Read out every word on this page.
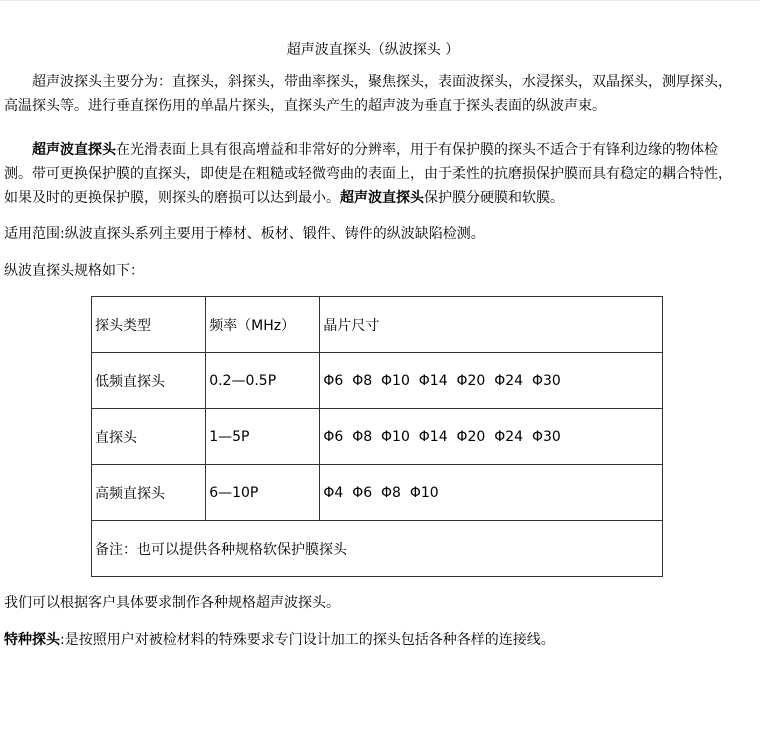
超声波直探头（纵波探头 ）

超声波探头主要分为：直探头，斜探头，带曲率探头，聚焦探头，表面波探头，水浸探头，双晶探头，测厚探头，高温探头等。进行垂直探伤用的单晶片探头，直探头产生的超声波为垂直于探头表面的纵波声束。

超声波直探头在光滑表面上具有很高增益和非常好的分辨率，用于有保护膜的探头不适合于有锋利边缘的物体检测。带可更换保护膜的直探头，即使是在粗糙或轻微弯曲的表面上，由于柔性的抗磨损保护膜而具有稳定的耦合特性，如果及时的更换保护膜，则探头的磨损可以达到最小。超声波直探头保护膜分硬膜和软膜。

适用范围:纵波直探头系列主要用于棒材、板材、锻件、铸件的纵波缺陷检测。

纵波直探头规格如下：

探头类型	频率（MHz）	晶片尺寸
低频直探头	0.2—0.5P	Φ6  Φ8  Φ10  Φ14  Φ20  Φ24  Φ30
直探头	1—5P	Φ6  Φ8  Φ10  Φ14  Φ20  Φ24  Φ30
高频直探头	6—10P	Φ4  Φ6  Φ8  Φ10
备注：也可以提供各种规格软保护膜探头		

我们可以根据客户具体要求制作各种规格超声波探头。

特种探头:是按照用户对被检材料的特殊要求专门设计加工的探头包括各种各样的连接线。
